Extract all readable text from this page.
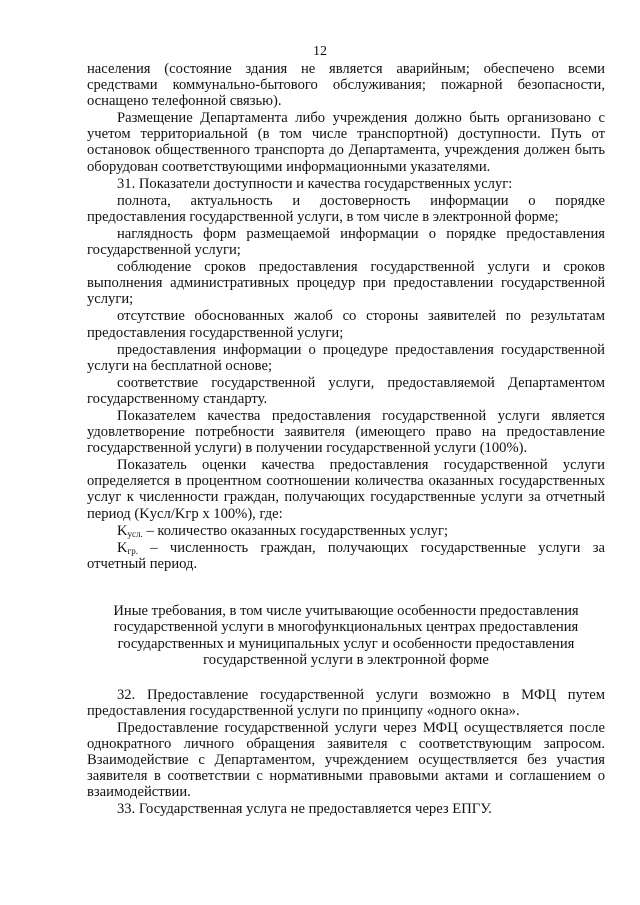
12

населения (состояние здания не является аварийным; обеспечено всеми средствами коммунально-бытового обслуживания; пожарной безопасности, оснащено телефонной связью).

Размещение Департамента либо учреждения должно быть организовано с учетом территориальной (в том числе транспортной) доступности. Путь от остановок общественного транспорта до Департамента, учреждения должен быть оборудован соответствующими информационными указателями.

31. Показатели доступности и качества государственных услуг:

полнота, актуальность и достоверность информации о порядке предоставления государственной услуги, в том числе в электронной форме;

наглядность форм размещаемой информации о порядке предоставления государственной услуги;

соблюдение сроков предоставления государственной услуги и сроков выполнения административных процедур при предоставлении государственной услуги;

отсутствие обоснованных жалоб со стороны заявителей по результатам предоставления государственной услуги;

предоставления информации о процедуре предоставления государственной услуги на бесплатной основе;

соответствие государственной услуги, предоставляемой Департаментом государственному стандарту.

Показателем качества предоставления государственной услуги является удовлетворение потребности заявителя (имеющего право на предоставление государственной услуги) в получении государственной услуги (100%).

Показатель оценки качества предоставления государственной услуги определяется в процентном соотношении количества оказанных государственных услуг к численности граждан, получающих государственные услуги за отчетный период (Kусл/Kгр x 100%), где:

$K_{усл.}$ – количество оказанных государственных услуг;

$K_{гр.}$ – численность граждан, получающих государственные услуги за отчетный период.

Иные требования, в том числе учитывающие особенности предоставления государственной услуги в многофункциональных центрах предоставления государственных и муниципальных услуг и особенности предоставления государственной услуги в электронной форме

32. Предоставление государственной услуги возможно в МФЦ путем предоставления государственной услуги по принципу «одного окна».

Предоставление государственной услуги через МФЦ осуществляется после однократного личного обращения заявителя с соответствующим запросом. Взаимодействие с Департаментом, учреждением осуществляется без участия заявителя в соответствии с нормативными правовыми актами и соглашением о взаимодействии.

33. Государственная услуга не предоставляется через ЕПГУ.
